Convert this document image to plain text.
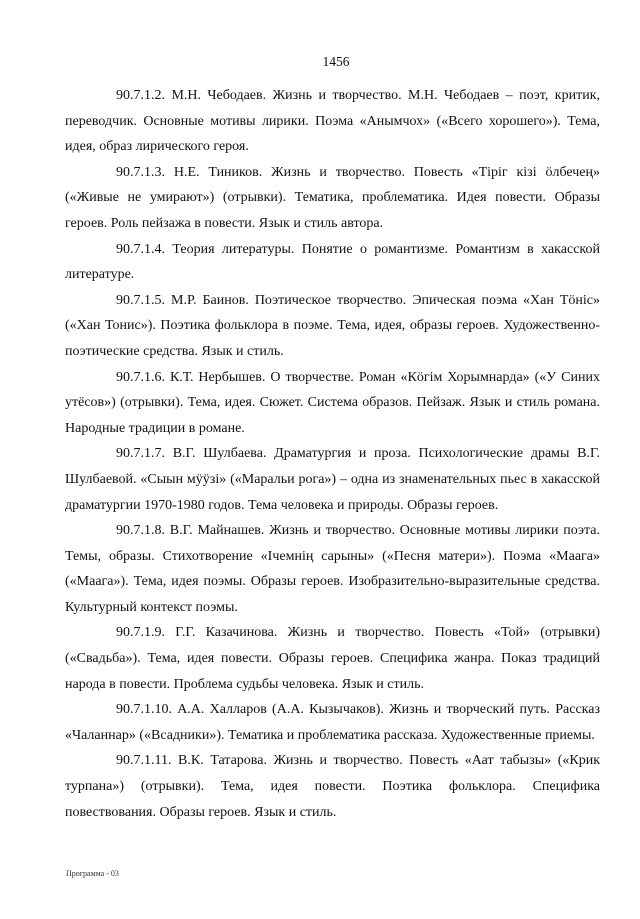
1456

90.7.1.2. М.Н. Чебодаев. Жизнь и творчество. М.Н. Чебодаев – поэт, критик, переводчик. Основные мотивы лирики. Поэма «Анымчох» («Всего хорошего»). Тема, идея, образ лирического героя.

90.7.1.3. Н.Е. Тиников. Жизнь и творчество. Повесть «Тірiг кiзi ӧлбечең» («Живые не умирают») (отрывки). Тематика, проблематика. Идея повести. Образы героев. Роль пейзажа в повести. Язык и стиль автора.

90.7.1.4. Теория литературы. Понятие о романтизме. Романтизм в хакасской литературе.

90.7.1.5. М.Р. Баинов. Поэтическое творчество. Эпическая поэма «Хан Тӧнiс» («Хан Тонис»). Поэтика фольклора в поэме. Тема, идея, образы героев. Художественно-поэтические средства. Язык и стиль.

90.7.1.6. К.Т. Нербышев. О творчестве. Роман «Кӧгiм Хорымнарда» («У Синих утёсов») (отрывки). Тема, идея. Сюжет. Система образов. Пейзаж. Язык и стиль романа. Народные традиции в романе.

90.7.1.7. В.Г. Шулбаева. Драматургия и проза. Психологические драмы В.Г. Шулбаевой. «Сыын мӱӱзi» («Маральи рога») – одна из знаменательных пьес в хакасской драматургии 1970-1980 годов. Тема человека и природы. Образы героев.

90.7.1.8. В.Г. Майнашев. Жизнь и творчество. Основные мотивы лирики поэта. Темы, образы. Стихотворение «Iчемнiң сарыны» («Песня матери»). Поэма «Маага» («Маага»). Тема, идея поэмы. Образы героев. Изобразительно-выразительные средства. Культурный контекст поэмы.

90.7.1.9. Г.Г. Казачинова. Жизнь и творчество. Повесть «Той» (отрывки) («Свадьба»). Тема, идея повести. Образы героев. Специфика жанра. Показ традиций народа в повести. Проблема судьбы человека. Язык и стиль.

90.7.1.10. А.А. Халларов (А.А. Кызычаков). Жизнь и творческий путь. Рассказ «Чаланнар» («Всадники»). Тематика и проблематика рассказа. Художественные приемы.

90.7.1.11. В.К. Татарова. Жизнь и творчество. Повесть «Аат табызы» («Крик турпана») (отрывки). Тема, идея повести. Поэтика фольклора. Специфика повествования. Образы героев. Язык и стиль.

Программа - 03
